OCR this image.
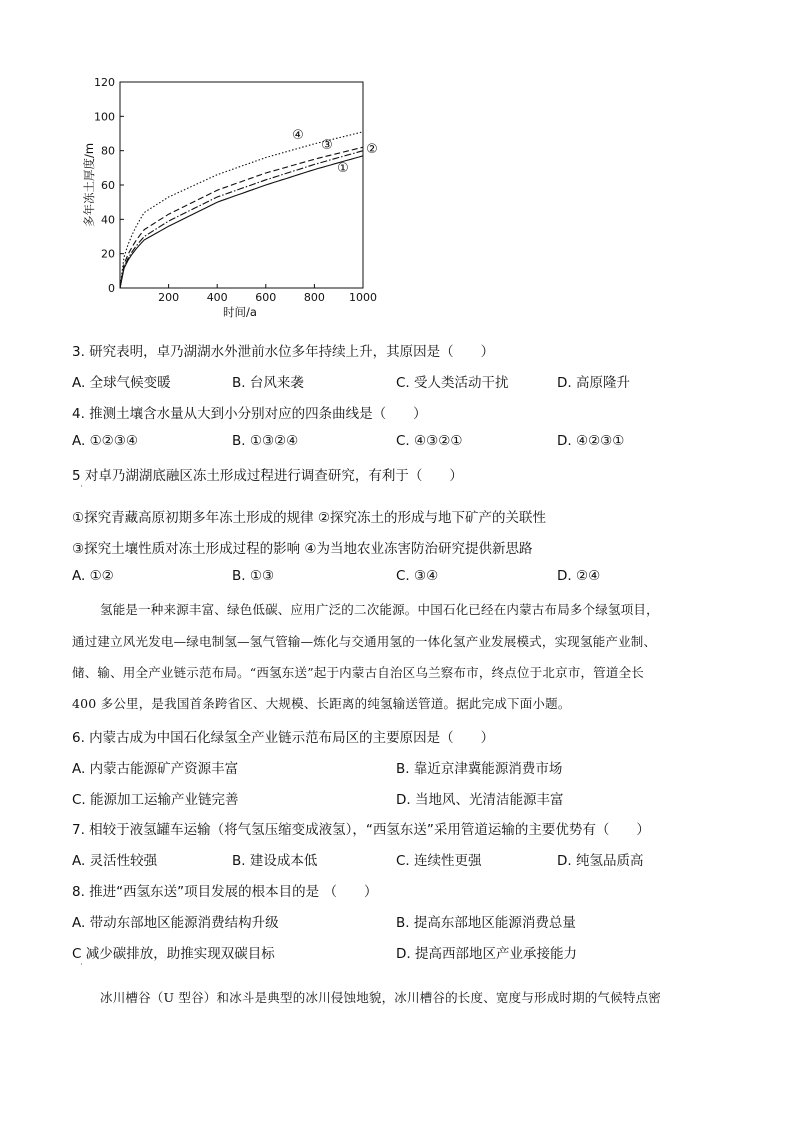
0
20
40
60
80
100
120
200	400	600	800 1000
时间/a
多年冻土厚度/m	①
②
③
④
3. 研究表明，卓乃湖湖水外泄前水位多年持续上升，其原因是（　　）
A. 全球气候变暖	B. 台风来袭	C. 受人类活动干扰	D. 高原隆升
4. 推测土壤含水量从大到小分别对应的四条曲线是（　　）
A. ①②③④	B. ①③②④	C. ④③②①	D. ④②③①
5 对卓乃湖湖底融区冻土形成过程进行调查研究，有利于（　　）
·
①探究青藏高原初期多年冻土形成的规律 ②探究冻土的形成与地下矿产的关联性
③探究土壤性质对冻土形成过程的影响 ④为当地农业冻害防治研究提供新思路
A. ①②	B. ①③	C. ③④	D. ②④
氢能是一种来源丰富、绿色低碳、应用广泛的二次能源。中国石化已经在内蒙古布局多个绿氢项目，
通过建立风光发电—绿电制氢—氢气管输—炼化与交通用氢的一体化氢产业发展模式，实现氢能产业制、
储、输、用全产业链示范布局。“西氢东送”起于内蒙古自治区乌兰察布市，终点位于北京市，管道全长
400 多公里，是我国首条跨省区、大规模、长距离的纯氢输送管道。据此完成下面小题。
6. 内蒙古成为中国石化绿氢全产业链示范布局区的主要原因是（　　）
A. 内蒙古能源矿产资源丰富	B. 靠近京津冀能源消费市场
C. 能源加工运输产业链完善	D. 当地风、光清洁能源丰富
7. 相较于液氢罐车运输（将气氢压缩变成液氢），“西氢东送”采用管道运输的主要优势有（　　）
A. 灵活性较强	B. 建设成本低	C. 连续性更强	D. 纯氢品质高
8. 推进“西氢东送”项目发展的根本目的是 （　　）
A. 带动东部地区能源消费结构升级	B. 提高东部地区能源消费总量
C 减少碳排放，助推实现双碳目标	D. 提高西部地区产业承接能力
·
冰川槽谷（U 型谷）和冰斗是典型的冰川侵蚀地貌，冰川槽谷的长度、宽度与形成时期的气候特点密
